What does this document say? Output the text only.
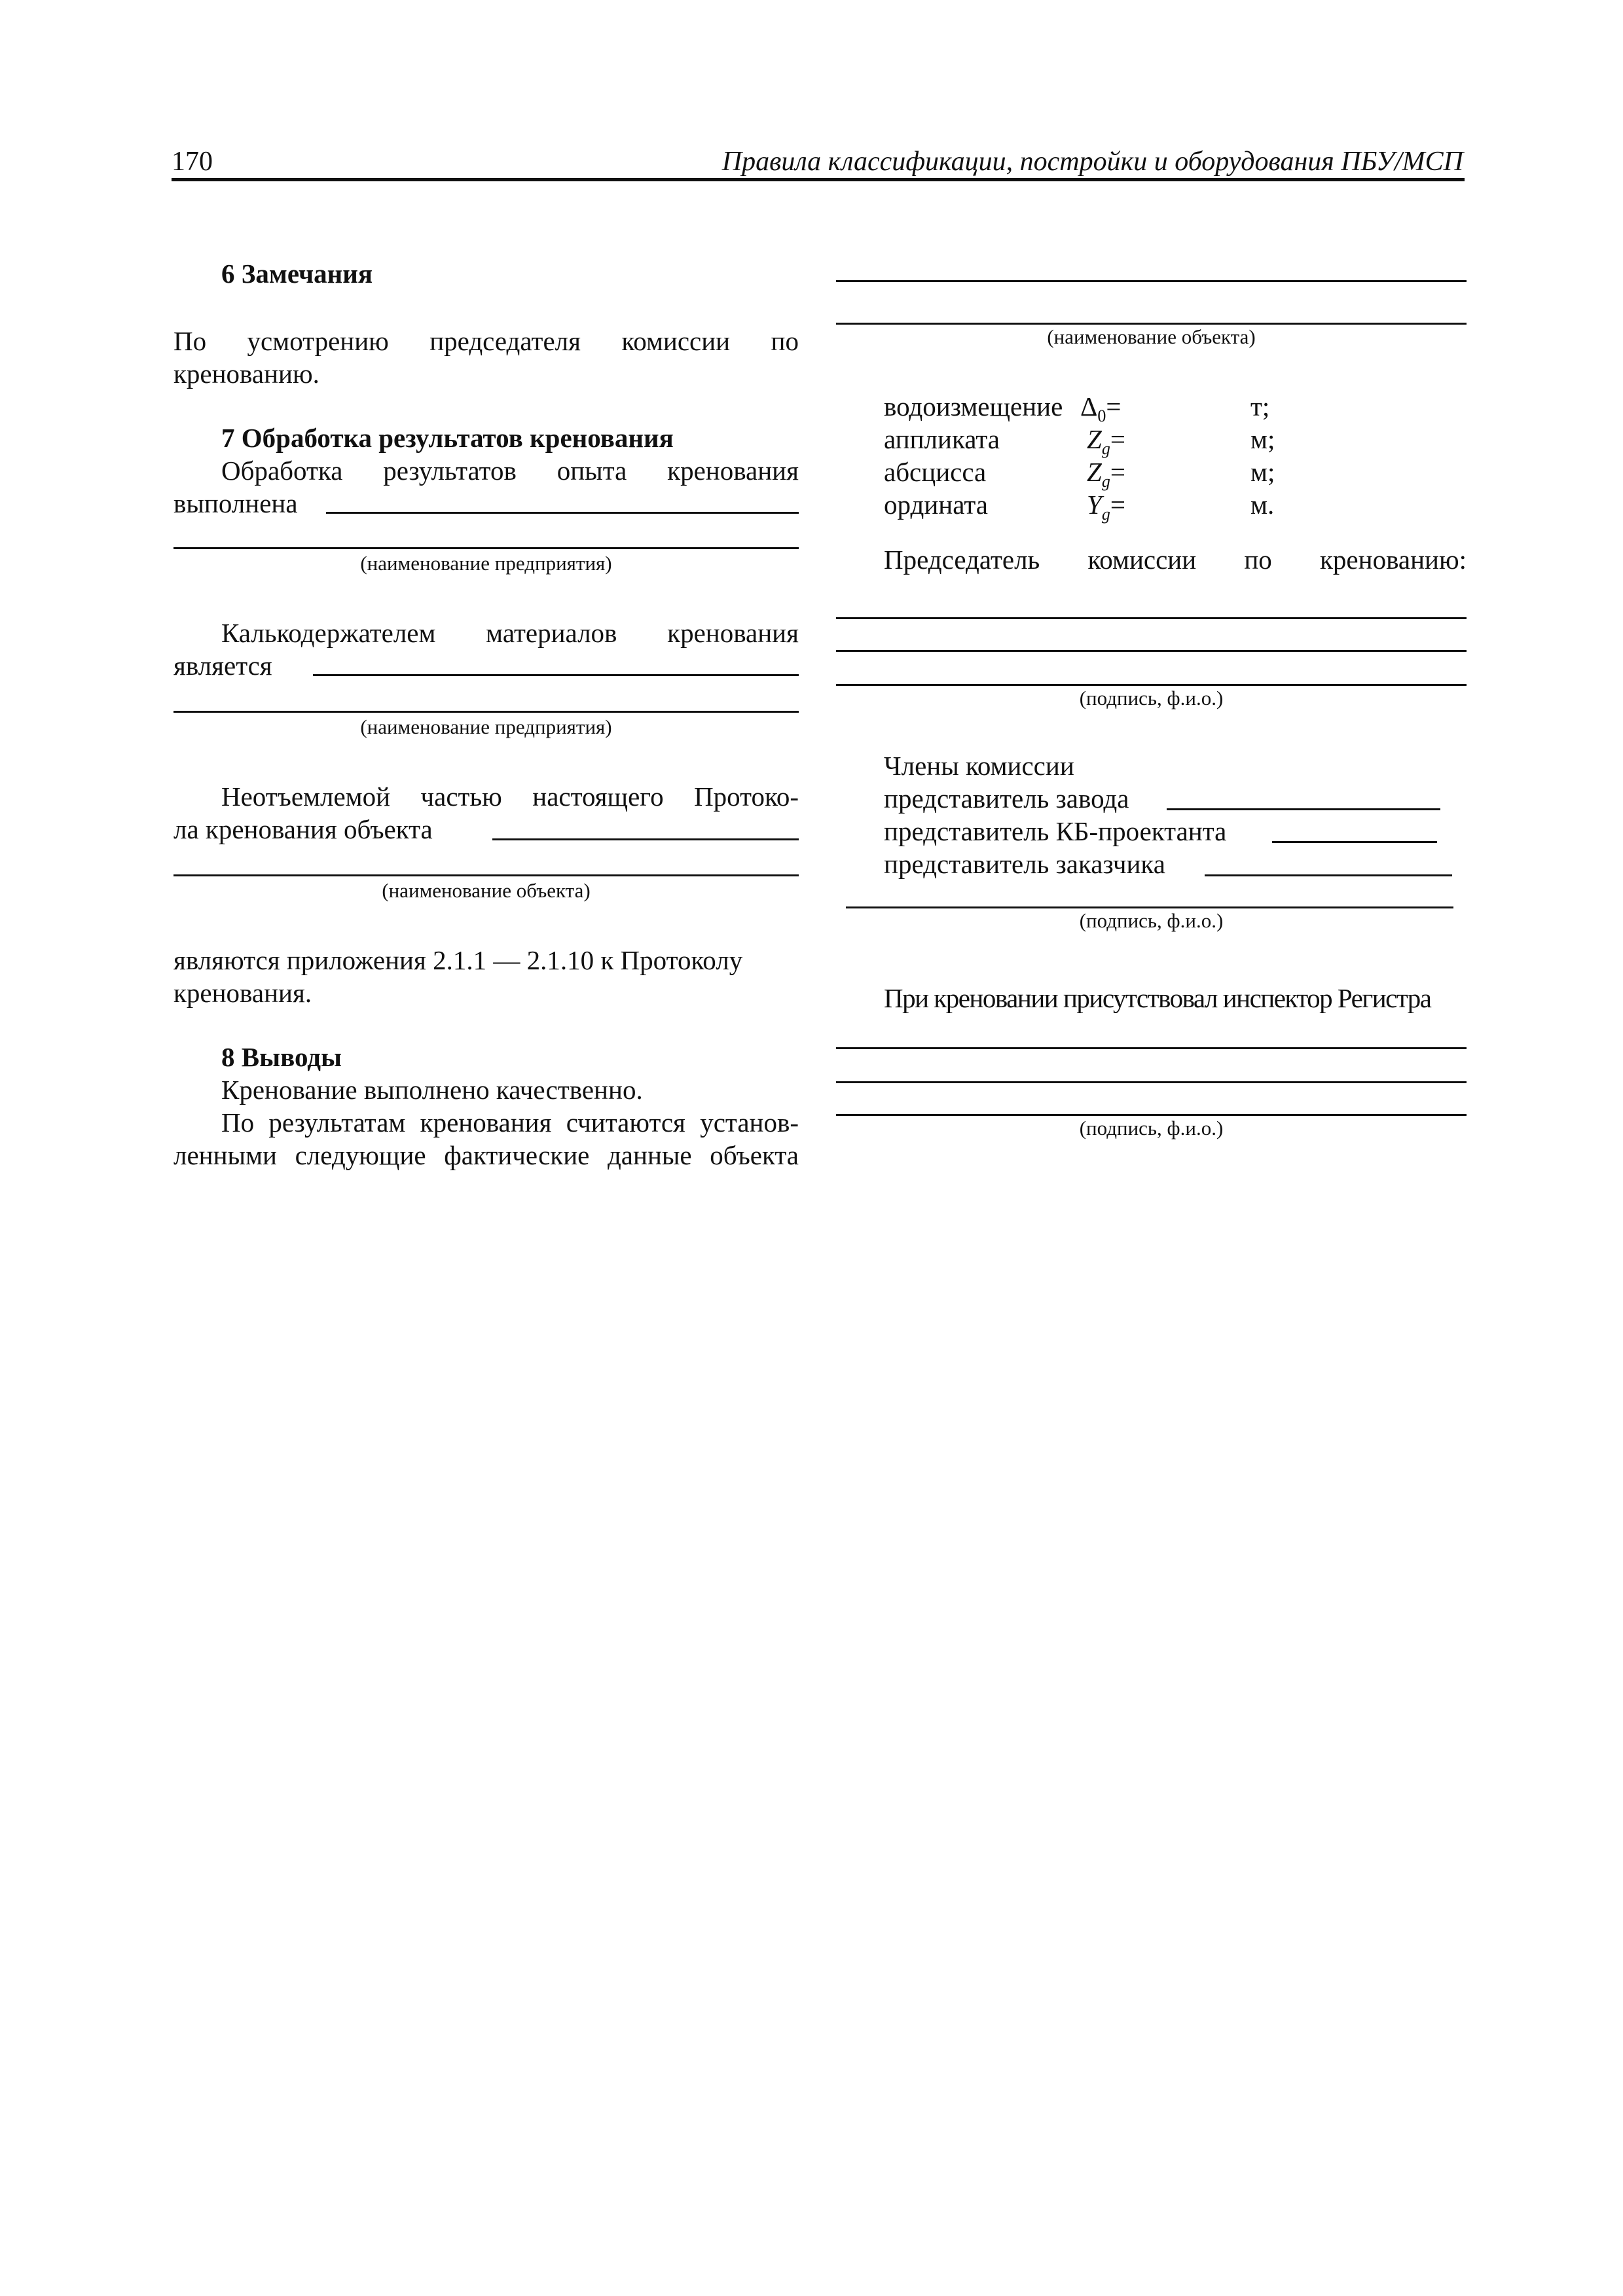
170	Правила классификации, постройки и оборудования ПБУ/МСП
6 Замечания
По усмотрению председателя комиссии по
кренованию.
7 Обработка результатов кренования
Обработка результатов опыта кренования
выполнена
(наименование предприятия)
Калькодержателем материалов кренования
является
(наименование предприятия)
Неотъемлемой частью настоящего Протоко-
ла кренования объекта
(наименование объекта)
являются приложения 2.1.1 — 2.1.10 к Протоколу
кренования.
8 Выводы
Кренование выполнено качественно.
По результатам кренования считаются установ-
ленными следующие фактические данные объекта
(наименование объекта)
водоизмещение $\Delta_0=$	т;
аппликата	$Z_g=$	м;
абсцисса	$Z_g=$	м;
ордината	$Y_g=$	м.
Председатель комиссии по кренованию:
(подпись, ф.и.о.)
Члены комиссии
представитель завода
представитель КБ-проектанта
представитель заказчика
(подпись, ф.и.о.)
При креновании присутствовал инспектор Регистра
(подпись, ф.и.о.)
